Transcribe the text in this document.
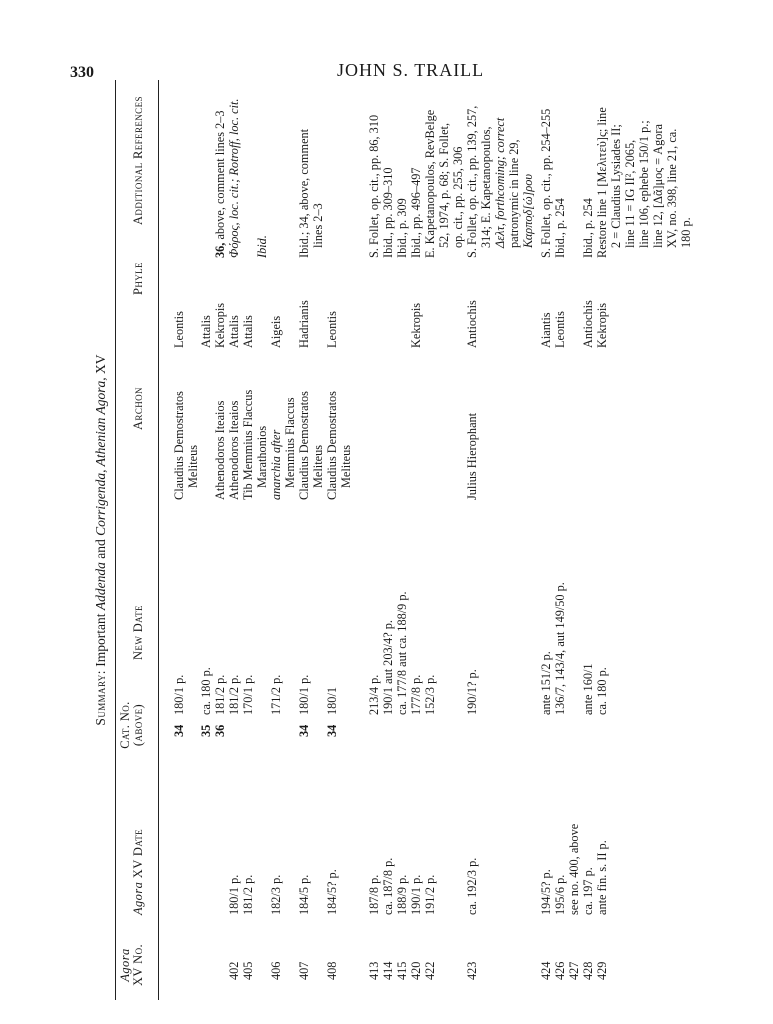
330	JOHN S. TRAILL
Summary: Important Addenda and Corrigenda, Athenian Agora, XV
Agora
XV No.
Agora XV Date
Cat. No.
(above)
New Date
Archon
Phyle
Additional References
34
180/1 p.
Claudius Demostratos Meliteus
Leontis
35
ca. 180 p.
Attalis
36
181/2 p.
Athenodoros Iteaios
Kekropis
36, above, comment lines 2–3
402
180/1 p.
181/2 p.
Athenodoros Iteaios
Attalis
Φόρος, loc. cit.; Rotroff, loc. cit.
405
181/2 p.
170/1 p.
Tib Memmius Flaccus Marathonios
Attalis
Ibid.
406
182/3 p.
171/2 p.
anarchia after Memmius Flaccus
Aigeis
407
184/5 p.
180/1 p.
Claudius Demostratos Meliteus
Hadrianis
Ibid.; 34, above, comment lines 2–3
34
408
184/5? p.
180/1
Claudius Demostratos Meliteus
Leontis
34
413
187/8 p.
213/4 p.
S. Follet, op. cit., pp. 86, 310
414
ca. 187/8 p.
190/1 aut 203/4? p.
Ibid., pp. 309–310
415
188/9 p.
ca. 177/8 aut ca. 188/9 p.
Ibid., p. 309
420
190/1 p.
177/8 p.
Kekropis
Ibid., pp. 496–497
422
191/2 p.
152/3 p.
E. Kapetanopoulos, RevBelge 52, 1974, p. 68; S. Follet, op. cit., pp. 255, 306
423
ca. 192/3 p.
190/1? p.
Julius Hierophant
Antiochis
S. Follet, op. cit., pp. 139, 257, 314; E. Kapetanopoulos, Δελτ, forthcoming; correct patronymic in line 29, Καρπο̣δ[ώ]ρου
424
194/5? p.
ante 151/2 p.
Aiantis
S. Follet, op. cit., pp. 254–255
426
195/6 p.
136/7, 143/4, aut 149/50 p.
Leontis
Ibid., p. 254
427
see no. 400, above
428
ca. 197 p.
ante 160/1
Antiochis
Ibid., p. 254
429
ante fin. s. II p.
ca. 180 p.
Kekropis
Restore line 1 [Μελιτεὺ]ς; line 2 = Claudius Lysiades II; line 11 = IG II², 2065, line 106, ephebe 150/1 p.; line 12, [Δᾶ]μος = Agora XV, no. 398, line 21, ca. 180 p.
